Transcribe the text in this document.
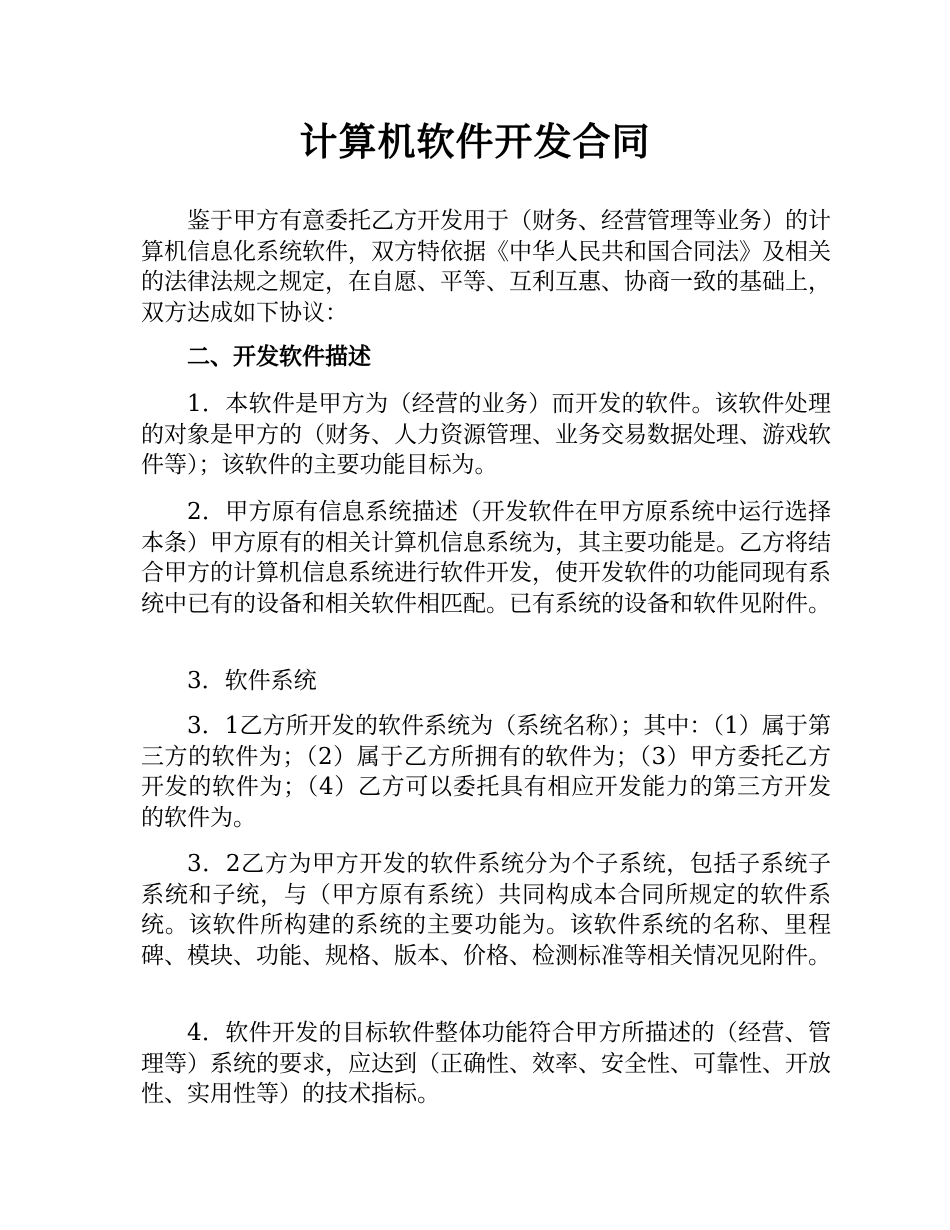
计算机软件开发合同

鉴于甲方有意委托乙方开发用于（财务、经营管理等业务）的计算机信息化系统软件，双方特依据《中华人民共和国合同法》及相关的法律法规之规定，在自愿、平等、互利互惠、协商一致的基础上，双方达成如下协议：

二、开发软件描述

1．本软件是甲方为（经营的业务）而开发的软件。该软件处理的对象是甲方的（财务、人力资源管理、业务交易数据处理、游戏软件等）；该软件的主要功能目标为。

2．甲方原有信息系统描述（开发软件在甲方原系统中运行选择本条）甲方原有的相关计算机信息系统为，其主要功能是。乙方将结合甲方的计算机信息系统进行软件开发，使开发软件的功能同现有系统中已有的设备和相关软件相匹配。已有系统的设备和软件见附件。

3．软件系统

3．1乙方所开发的软件系统为（系统名称）；其中：（1）属于第三方的软件为；（2）属于乙方所拥有的软件为；（3）甲方委托乙方开发的软件为；（4）乙方可以委托具有相应开发能力的第三方开发的软件为。

3．2乙方为甲方开发的软件系统分为个子系统，包括子系统子系统和子统，与（甲方原有系统）共同构成本合同所规定的软件系统。该软件所构建的系统的主要功能为。该软件系统的名称、里程碑、模块、功能、规格、版本、价格、检测标准等相关情况见附件。

4．软件开发的目标软件整体功能符合甲方所描述的（经营、管理等）系统的要求，应达到（正确性、效率、安全性、可靠性、开放性、实用性等）的技术指标。
